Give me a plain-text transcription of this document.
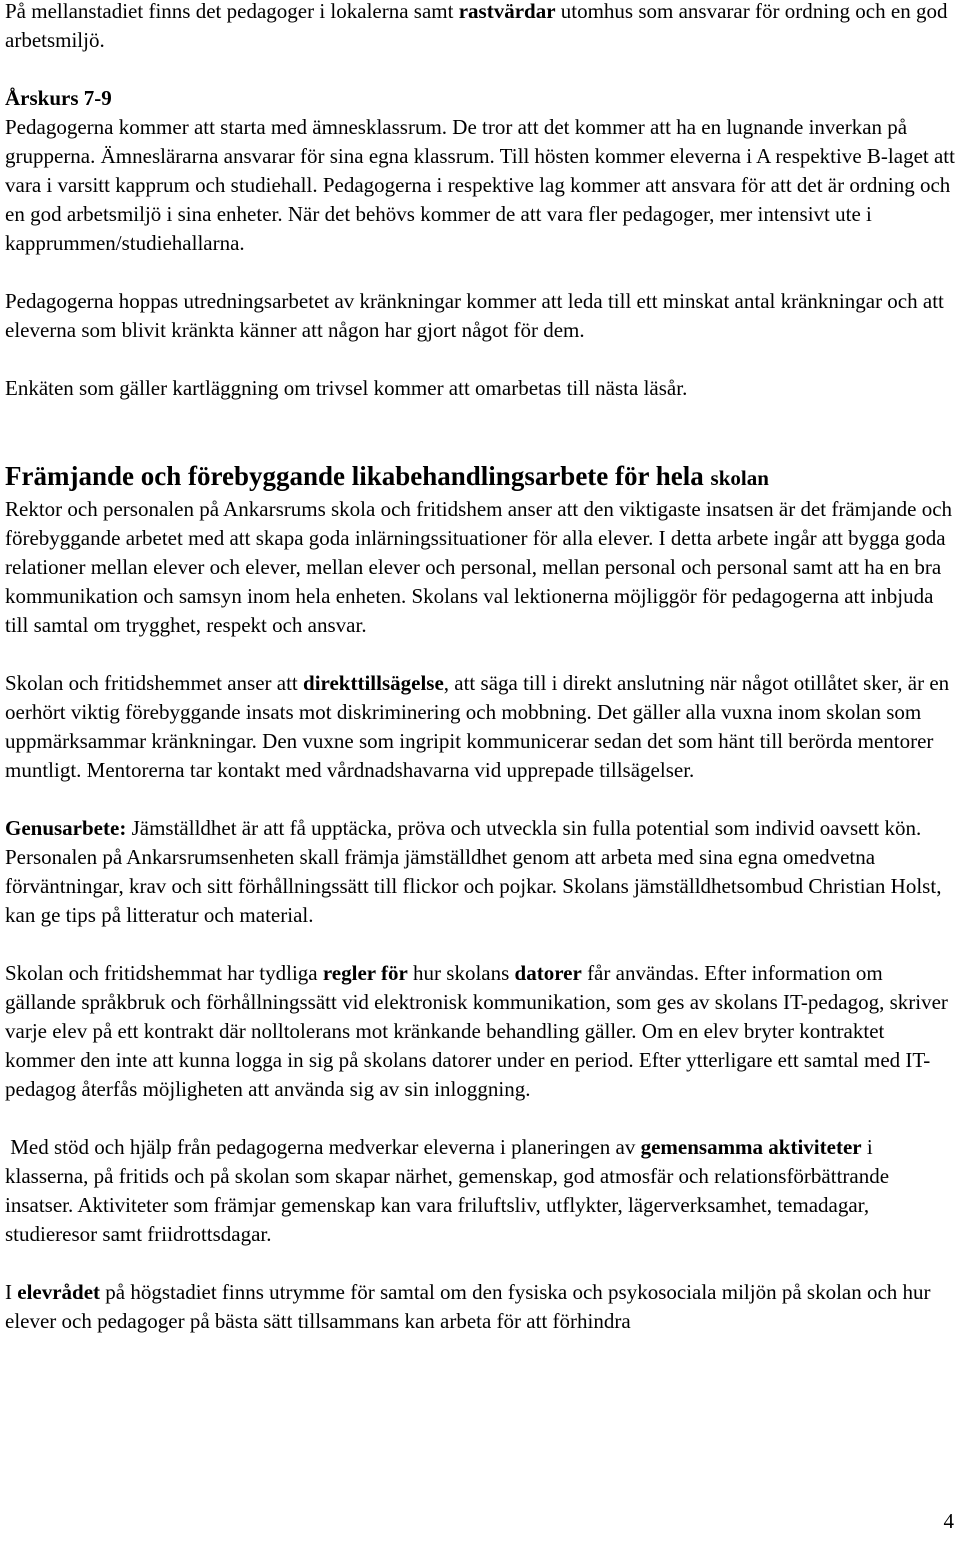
På mellanstadiet finns det pedagoger i lokalerna samt rastvärdar utomhus som ansvarar för ordning och en god arbetsmiljö.

Årskurs 7-9

Pedagogerna kommer att starta med ämnesklassrum. De tror att det kommer att ha en lugnande inverkan på grupperna. Ämneslärarna ansvarar för sina egna klassrum. Till hösten kommer eleverna i A respektive B-laget att vara i varsitt kapprum och studiehall. Pedagogerna i respektive lag kommer att ansvara för att det är ordning och en god arbetsmiljö i sina enheter. När det behövs kommer de att vara fler pedagoger, mer intensivt ute i kapprummen/studiehallarna.

Pedagogerna hoppas utredningsarbetet av kränkningar kommer att leda till ett minskat antal kränkningar och att eleverna som blivit kränkta känner att någon har gjort något för dem.

Enkäten som gäller kartläggning om trivsel kommer att omarbetas till nästa läsår.

Främjande och förebyggande likabehandlingsarbete för hela skolan

Rektor och personalen på Ankarsrums skola och fritidshem anser att den viktigaste insatsen är det främjande och förebyggande arbetet med att skapa goda inlärningssituationer för alla elever. I detta arbete ingår att bygga goda relationer mellan elever och elever, mellan elever och personal, mellan personal och personal samt att ha en bra kommunikation och samsyn inom hela enheten. Skolans val lektionerna möjliggör för pedagogerna att inbjuda till samtal om trygghet, respekt och ansvar.

Skolan och fritidshemmet anser att direkttillsägelse, att säga till i direkt anslutning när något otillåtet sker, är en oerhört viktig förebyggande insats mot diskriminering och mobbning. Det gäller alla vuxna inom skolan som uppmärksammar kränkningar. Den vuxne som ingripit kommunicerar sedan det som hänt till berörda mentorer muntligt. Mentorerna tar kontakt med vårdnadshavarna vid upprepade tillsägelser.

Genusarbete: Jämställdhet är att få upptäcka, pröva och utveckla sin fulla potential som individ oavsett kön. Personalen på Ankarsrumsenheten skall främja jämställdhet genom att arbeta med sina egna omedvetna förväntningar, krav och sitt förhållningssätt till flickor och pojkar. Skolans jämställdhetsombud Christian Holst, kan ge tips på litteratur och material.

Skolan och fritidshemmat har tydliga regler för hur skolans datorer får användas. Efter information om gällande språkbruk och förhållningssätt vid elektronisk kommunikation, som ges av skolans IT-pedagog, skriver varje elev på ett kontrakt där nolltolerans mot kränkande behandling gäller. Om en elev bryter kontraktet kommer den inte att kunna logga in sig på skolans datorer under en period. Efter ytterligare ett samtal med IT-pedagog återfås möjligheten att använda sig av sin inloggning.

Med stöd och hjälp från pedagogerna medverkar eleverna i planeringen av gemensamma aktiviteter i klasserna, på fritids och på skolan som skapar närhet, gemenskap, god atmosfär och relationsförbättrande insatser. Aktiviteter som främjar gemenskap kan vara friluftsliv, utflykter, lägerverksamhet, temadagar, studieresor samt friidrottsdagar.

I elevrådet på högstadiet finns utrymme för samtal om den fysiska och psykosociala miljön på skolan och hur elever och pedagoger på bästa sätt tillsammans kan arbeta för att förhindra

4
